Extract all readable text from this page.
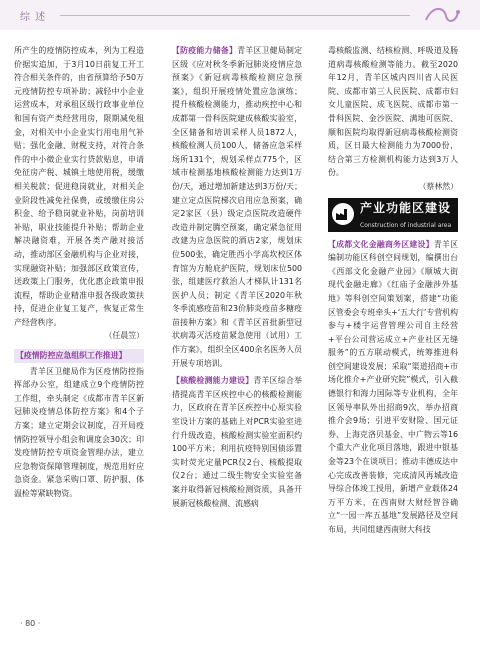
综 述

所产生的疫情防控成本，列为工程造价据实追加，于3月10日前复工开工符合相关条件的，由省预算给予50万元疫情防控专项补助；减轻中小企业运营成本，对承租区级行政事业单位和国有资产类经营用房，限期减免租金，对相关中小企业实行用电用气补贴；强化金融、财税支持，对符合条件的中小微企业实行贷款贴息，申请免征房产税、城镇土地使用税，缓缴相关税款；促进稳岗就业，对相关企业阶段性减免社保费，或缓缴住房公积金、给予稳岗就业补贴，岗前培训补贴，职业技能提升补贴；帮助企业解决融资难，开展各类产融对接活动，推动部区金融机构与企业对接，实现融资补贴；加强部区政策宣传，送政策上门服务，优化惠企政策申报流程，帮助企业精准申报各级政策扶持，促进企业复工复产，恢复正常生产经营秩序。

（任晨笠）

【疫情防控应急组织工作推进】

青羊区卫健局作为区疫情防控指挥部办公室，组建成立9个疫情防控工作组，牵头制定《成都市青羊区新冠肺炎疫情总体防控方案》和4个子方案；建立定期会议制度，召开局疫情防控领导小组会和调度会30次；印发疫情防控专项资金管理办法，建立应急物资保障管理制度，规范用好应急资金。紧急采购口罩、防护服、体温检等紧缺物资。

【防疫能力储备】青羊区卫健局制定区级《应对秋冬季新冠肺炎疫情应急预案》《新冠病毒核酸检测应急预案》，组织开展疫情处置应急演练；提升核酸检测能力，推动疾控中心和成都第一骨科医院建成核酸实验室，全区储备和培训采样人员1872人，核酸检测人员100人，储备应急采样场所131个，规划采样点775个，区域市检测基地核酸检测能力达到1万份/天，通过增加新建达到3万份/天；建立定点医院梯次启用应急预案，确定2家区（县）级定点医院改造硬件改造并制定腾空预案，确定紧急征用改建为应急医院的酒店2家，规划床位500张，确定胜西小学高坎校区体育馆为方舱庇护医院，规划床位500张，组建医疗救治人才梯队计131名医护人员；制定《青羊区2020年秋冬季流感疫苗和23价肺炎疫苗多糖疫苗接种方案》和《青羊区首批新型冠状病毒灭活疫苗紧急使用（试用）工作方案》，组织全区400余名医务人员开展专项培训。

【核酸检测能力建设】青羊区综合举措提高青羊区疾控中心的核酸检测能力，区政府在青羊区疾控中心原实验室设计方案的基础上对PCR实验室进行升级改造，核酸检测实验室面积约100平方米；利用抗疫特别国债添置实时荧光定量PCR仪2台、核酸提取仪2台；通过二级生物安全实验室备案并取得新冠核酸检测资质，具备开展新冠核酸检测、流感病

毒核酸监测、结核检测、呼吸道及肠道病毒核酸检测等能力。截至2020年12月，青羊区城内四川省人民医院、成都市第三人民医院、成都市妇女儿童医院、成飞医院、成都市第一骨科医院、金沙医院、满地可医院、顺和医院均取得新冠病毒核酸检测资质，区日最大检测能力为7000份，结合第三方检测机构能力达到3万人份。

（蔡林然）

产业功能区建设
Construction of industrial area

【成都文化金融商务区建设】青羊区编制功能区科创空间规划，编撰出台《西部文化金融产业园》《顺城大街现代金融走廊》《红庙子金融涉外基地》等科创空间策划案，搭建“功能区管委会专班牵头+‘五大行’专营机构参与+楼宇运营管理公司自主经营+平台公司营运成立+产业社区无缝服务”的五方联动模式，统筹推进科创空间建设发展；采取“渠道招商+市场化推介+产业研究院”模式，引入截德银行和海力国际等专业机构，全年区领导率队外出招商9次，举办招商推介会9场；引进平安财险、国元证券、上海克洛贝基金、中广物云等16个重大产业化项目落地，跟进中银基金等23个在谈项目；推动丰德成达中心完成改善装修，完成清风再城改造导综合体竣工授用，新增产业载体24万平方米，在西南财大财经智谷确立“一园一库五基地”发展路径及空间布局，共同组建西南财大科技

· 80 ·
